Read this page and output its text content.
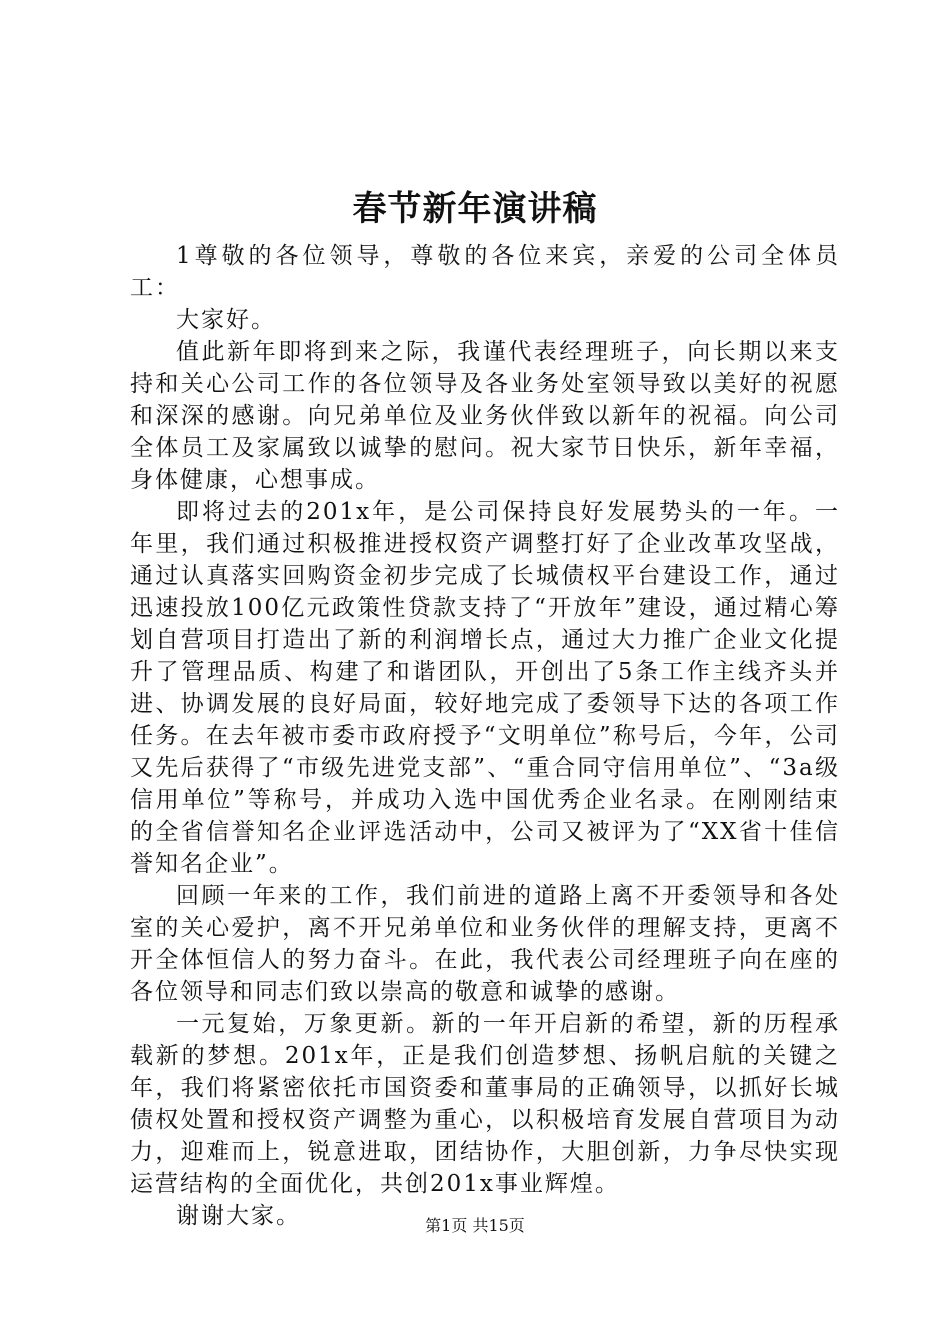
春节新年演讲稿

1尊敬的各位领导，尊敬的各位来宾，亲爱的公司全体员工：

大家好。

值此新年即将到来之际，我谨代表经理班子，向长期以来支持和关心公司工作的各位领导及各业务处室领导致以美好的祝愿和深深的感谢。向兄弟单位及业务伙伴致以新年的祝福。向公司全体员工及家属致以诚挚的慰问。祝大家节日快乐，新年幸福，身体健康，心想事成。

即将过去的201x年，是公司保持良好发展势头的一年。一年里，我们通过积极推进授权资产调整打好了企业改革攻坚战，通过认真落实回购资金初步完成了长城债权平台建设工作，通过迅速投放100亿元政策性贷款支持了“开放年”建设，通过精心筹划自营项目打造出了新的利润增长点，通过大力推广企业文化提升了管理品质、构建了和谐团队，开创出了5条工作主线齐头并进、协调发展的良好局面，较好地完成了委领导下达的各项工作任务。在去年被市委市政府授予“文明单位”称号后，今年，公司又先后获得了“市级先进党支部”、“重合同守信用单位”、“3a级信用单位”等称号，并成功入选中国优秀企业名录。在刚刚结束的全省信誉知名企业评选活动中，公司又被评为了“XX省十佳信誉知名企业”。

回顾一年来的工作，我们前进的道路上离不开委领导和各处室的关心爱护，离不开兄弟单位和业务伙伴的理解支持，更离不开全体恒信人的努力奋斗。在此，我代表公司经理班子向在座的各位领导和同志们致以崇高的敬意和诚挚的感谢。

一元复始，万象更新。新的一年开启新的希望，新的历程承载新的梦想。201x年，正是我们创造梦想、扬帆启航的关键之年，我们将紧密依托市国资委和董事局的正确领导，以抓好长城债权处置和授权资产调整为重心，以积极培育发展自营项目为动力，迎难而上，锐意进取，团结协作，大胆创新，力争尽快实现运营结构的全面优化，共创201x事业辉煌。

谢谢大家。	第1页 共15页
